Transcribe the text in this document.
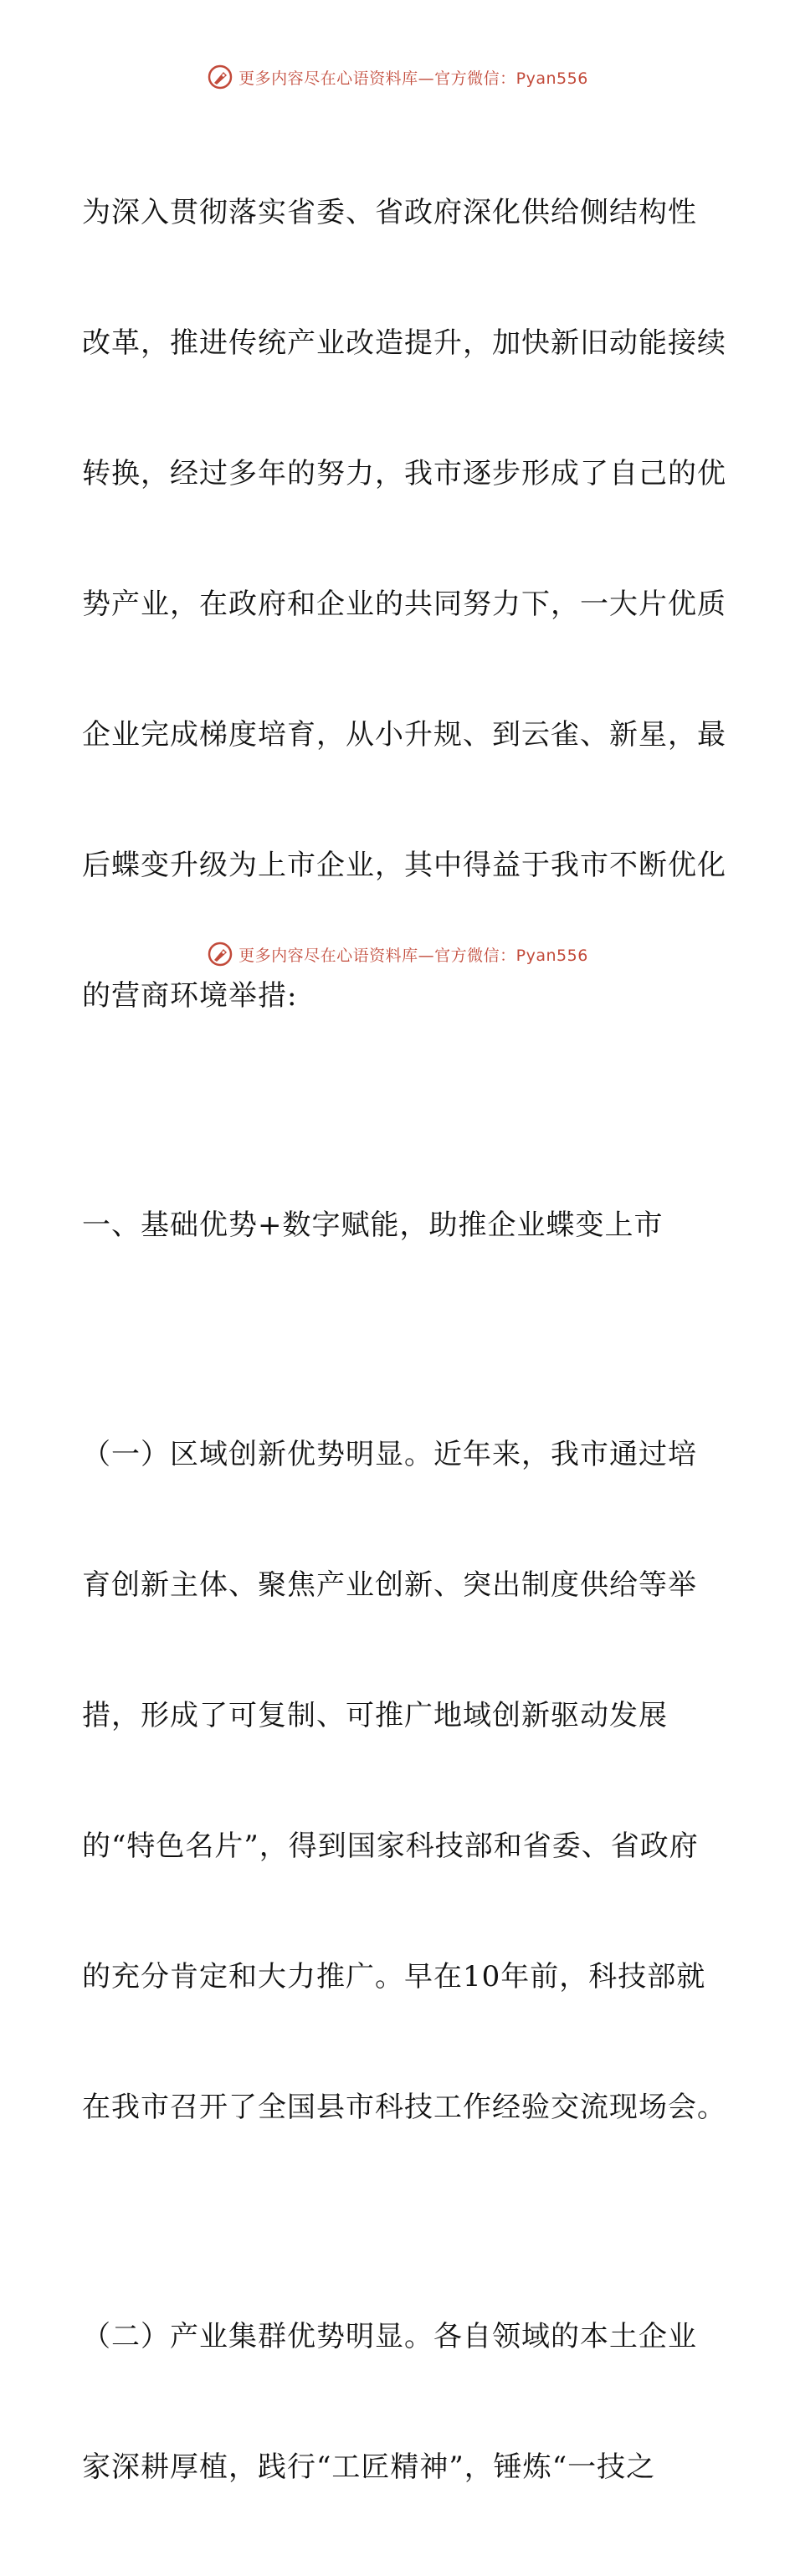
更多内容尽在心语资料库—官方微信：Pyan556

为深入贯彻落实省委、省政府深化供给侧结构性

改革，推进传统产业改造提升，加快新旧动能接续

转换，经过多年的努力，我市逐步形成了自己的优

势产业，在政府和企业的共同努力下，一大片优质

企业完成梯度培育，从小升规、到云雀、新星，最

后蝶变升级为上市企业，其中得益于我市不断优化

的营商环境举措:

一、基础优势+数字赋能，助推企业蝶变上市

（一）区域创新优势明显。近年来，我市通过培

育创新主体、聚焦产业创新、突出制度供给等举

措，形成了可复制、可推广地域创新驱动发展

的“特色名片”，得到国家科技部和省委、省政府

的充分肯定和大力推广。早在10年前，科技部就

在我市召开了全国县市科技工作经验交流现场会。

（二）产业集群优势明显。各自领域的本土企业

家深耕厚植，践行“工匠精神”，锤炼“一技之

更多内容尽在心语资料库—官方微信：Pyan556
